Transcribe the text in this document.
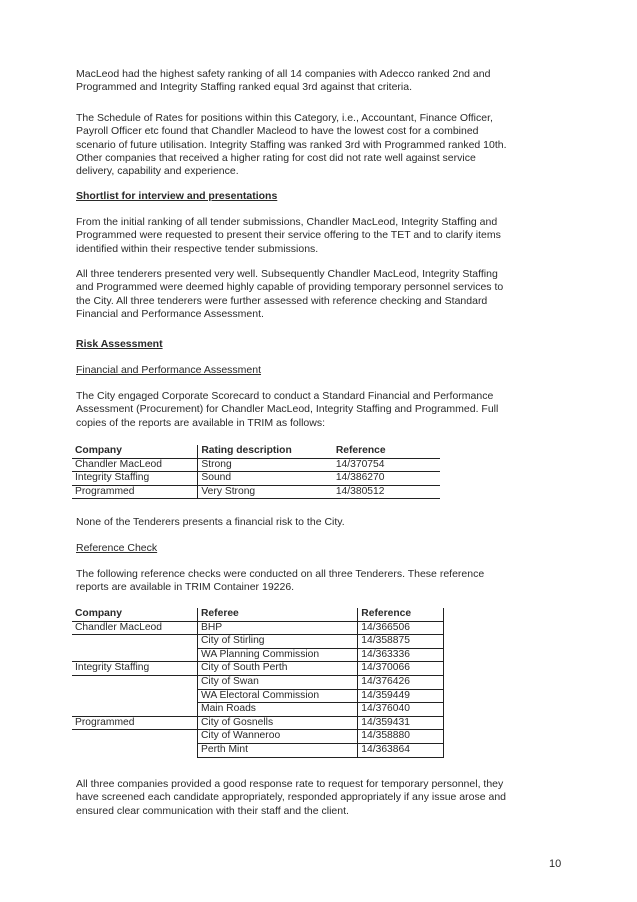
MacLeod had the highest safety ranking of all 14 companies with Adecco ranked 2nd and
Programmed and Integrity Staffing ranked equal 3rd against that criteria.

The Schedule of Rates for positions within this Category, i.e., Accountant, Finance Officer,
Payroll Officer etc found that Chandler Macleod to have the lowest cost for a combined
scenario of future utilisation. Integrity Staffing was ranked 3rd with Programmed ranked 10th.
Other companies that received a higher rating for cost did not rate well against service
delivery, capability and experience.

Shortlist for interview and presentations

From the initial ranking of all tender submissions, Chandler MacLeod, Integrity Staffing and
Programmed were requested to present their service offering to the TET and to clarify items
identified within their respective tender submissions.

All three tenderers presented very well. Subsequently Chandler MacLeod, Integrity Staffing
and Programmed were deemed highly capable of providing temporary personnel services to
the City. All three tenderers were further assessed with reference checking and Standard
Financial and Performance Assessment.

Risk Assessment
Financial and Performance Assessment

The City engaged Corporate Scorecard to conduct a Standard Financial and Performance
Assessment (Procurement) for Chandler MacLeod, Integrity Staffing and Programmed. Full
copies of the reports are available in TRIM as follows:

Company	Rating description	Reference
Chandler MacLeod	Strong	14/370754
Integrity Staffing	Sound	14/386270
Programmed	Very Strong	14/380512

None of the Tenderers presents a financial risk to the City.

Reference Check

The following reference checks were conducted on all three Tenderers. These reference
reports are available in TRIM Container 19226.

Company	Referee	Reference
Chandler MacLeod	BHP	14/366506
	City of Stirling	14/358875
	WA Planning Commission	14/363336
Integrity Staffing	City of South Perth	14/370066
	City of Swan	14/376426
	WA Electoral Commission	14/359449
	Main Roads	14/376040
Programmed	City of Gosnells	14/359431
	City of Wanneroo	14/358880
	Perth Mint	14/363864

All three companies provided a good response rate to request for temporary personnel, they
have screened each candidate appropriately, responded appropriately if any issue arose and
ensured clear communication with their staff and the client.

10
